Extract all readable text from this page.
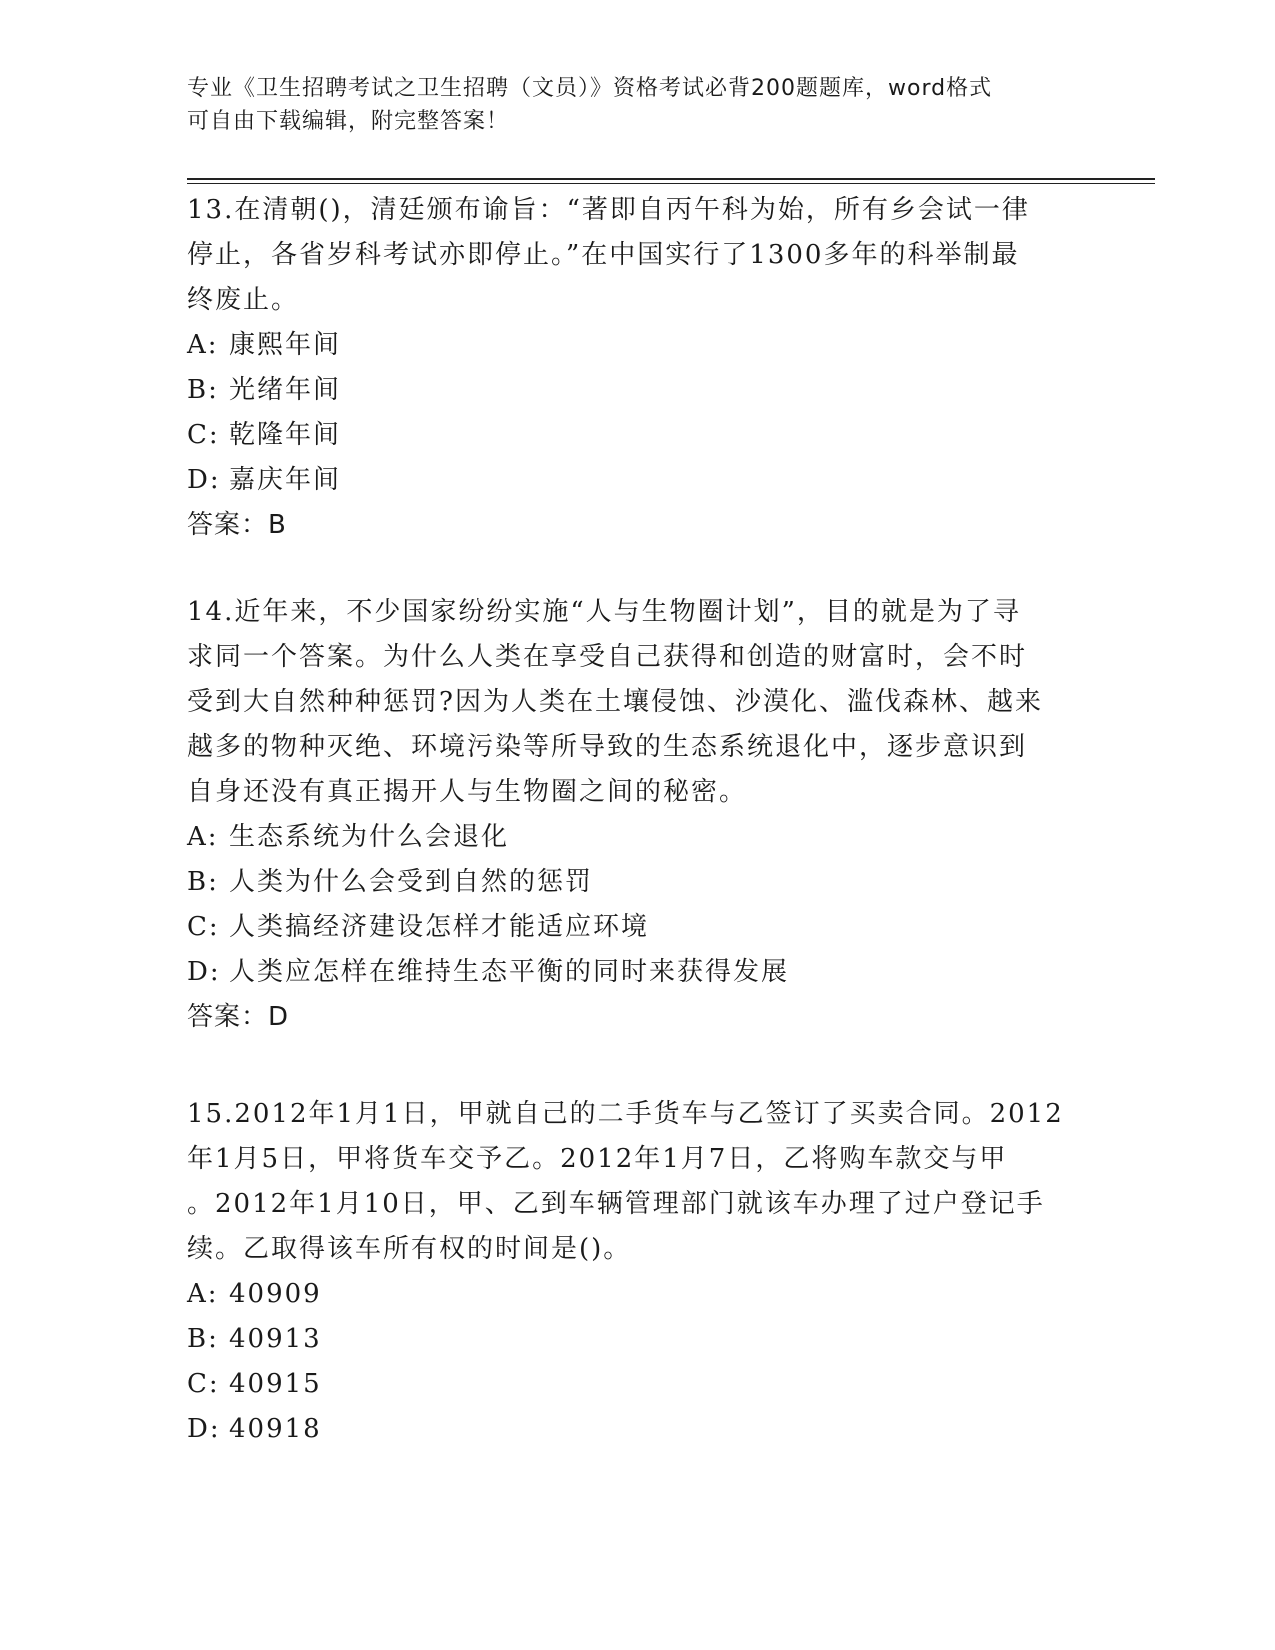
专业《卫生招聘考试之卫生招聘（文员）》资格考试必背200题题库，word格式
可自由下载编辑，附完整答案！

13.在清朝()，清廷颁布谕旨：“著即自丙午科为始，所有乡会试一律

停止，各省岁科考试亦即停止。”在中国实行了1300多年的科举制最

终废止。

A: 康熙年间

B: 光绪年间

C: 乾隆年间

D: 嘉庆年间

答案：B

14.近年来，不少国家纷纷实施“人与生物圈计划”，目的就是为了寻

求同一个答案。为什么人类在享受自己获得和创造的财富时，会不时

受到大自然种种惩罚?因为人类在土壤侵蚀、沙漠化、滥伐森林、越来

越多的物种灭绝、环境污染等所导致的生态系统退化中，逐步意识到

自身还没有真正揭开人与生物圈之间的秘密。

A: 生态系统为什么会退化

B: 人类为什么会受到自然的惩罚

C: 人类搞经济建设怎样才能适应环境

D: 人类应怎样在维持生态平衡的同时来获得发展

答案：D

15.2012年1月1日，甲就自己的二手货车与乙签订了买卖合同。2012

年1月5日，甲将货车交予乙。2012年1月7日，乙将购车款交与甲

。2012年1月10日，甲、乙到车辆管理部门就该车办理了过户登记手

续。乙取得该车所有权的时间是()。

A: 40909

B: 40913

C: 40915

D: 40918
